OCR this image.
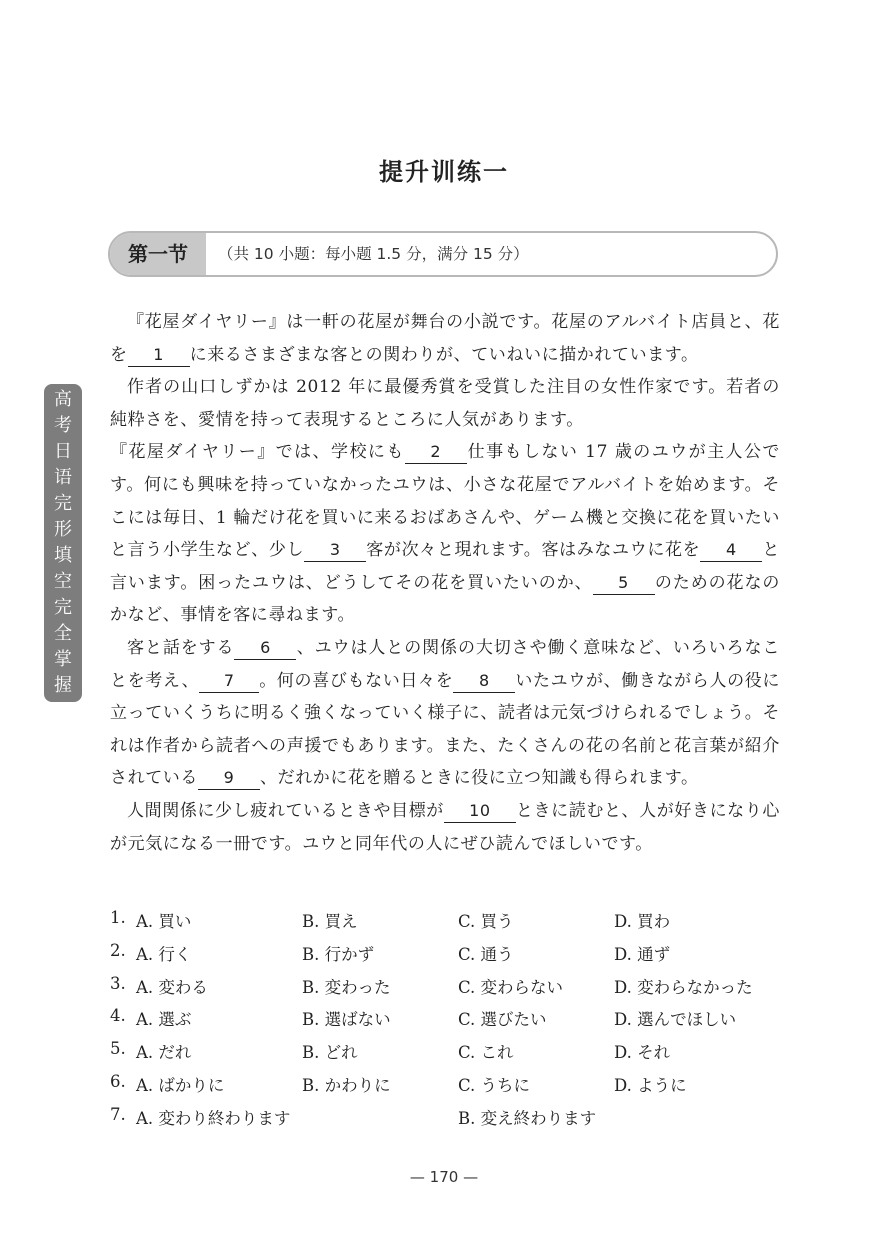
提升训练一
第一节	（共 10 小题：每小题 1.5 分，满分 15 分）
高
考
日
语
完
形
填
空
完
全
掌
握

『花屋ダイヤリー』は一軒の花屋が舞台の小説です。花屋のアルバイト店員と、花を 1 に来るさまざまな客との関わりが、ていねいに描かれています。

作者の山口しずかは 2012 年に最優秀賞を受賞した注目の女性作家です。若者の純粋さを、愛情を持って表現するところに人気があります。

『花屋ダイヤリー』では、学校にも 2 仕事もしない 17 歳のユウが主人公です。何にも興味を持っていなかったユウは、小さな花屋でアルバイトを始めます。そこには毎日、1 輪だけ花を買いに来るおばあさんや、ゲーム機と交換に花を買いたいと言う小学生など、少し 3 客が次々と現れます。客はみなユウに花を 4 と言います。困ったユウは、どうしてその花を買いたいのか、 5 のための花なのかなど、事情を客に尋ねます。

客と話をする 6 、ユウは人との関係の大切さや働く意味など、いろいろなことを考え、 7 。何の喜びもない日々を 8 いたユウが、働きながら人の役に立っていくうちに明るく強くなっていく様子に、読者は元気づけられるでしょう。それは作者から読者への声援でもあります。また、たくさんの花の名前と花言葉が紹介されている 9 、だれかに花を贈るときに役に立つ知識も得られます。

人間関係に少し疲れているときや目標が 10 ときに読むと、人が好きになり心が元気になる一冊です。ユウと同年代の人にぜひ読んでほしいです。

1. A. 買い	B. 買え	C. 買う	D. 買わ
2. A. 行く	B. 行かず	C. 通う	D. 通ず
3. A. 変わる	B. 変わった	C. 変わらない	D. 変わらなかった
4. A. 選ぶ	B. 選ばない	C. 選びたい	D. 選んでほしい
5. A. だれ	B. どれ	C. これ	D. それ
6. A. ばかりに	B. かわりに	C. うちに	D. ように
7. A. 変わり終わります	B. 変え終わります
— 170 —
